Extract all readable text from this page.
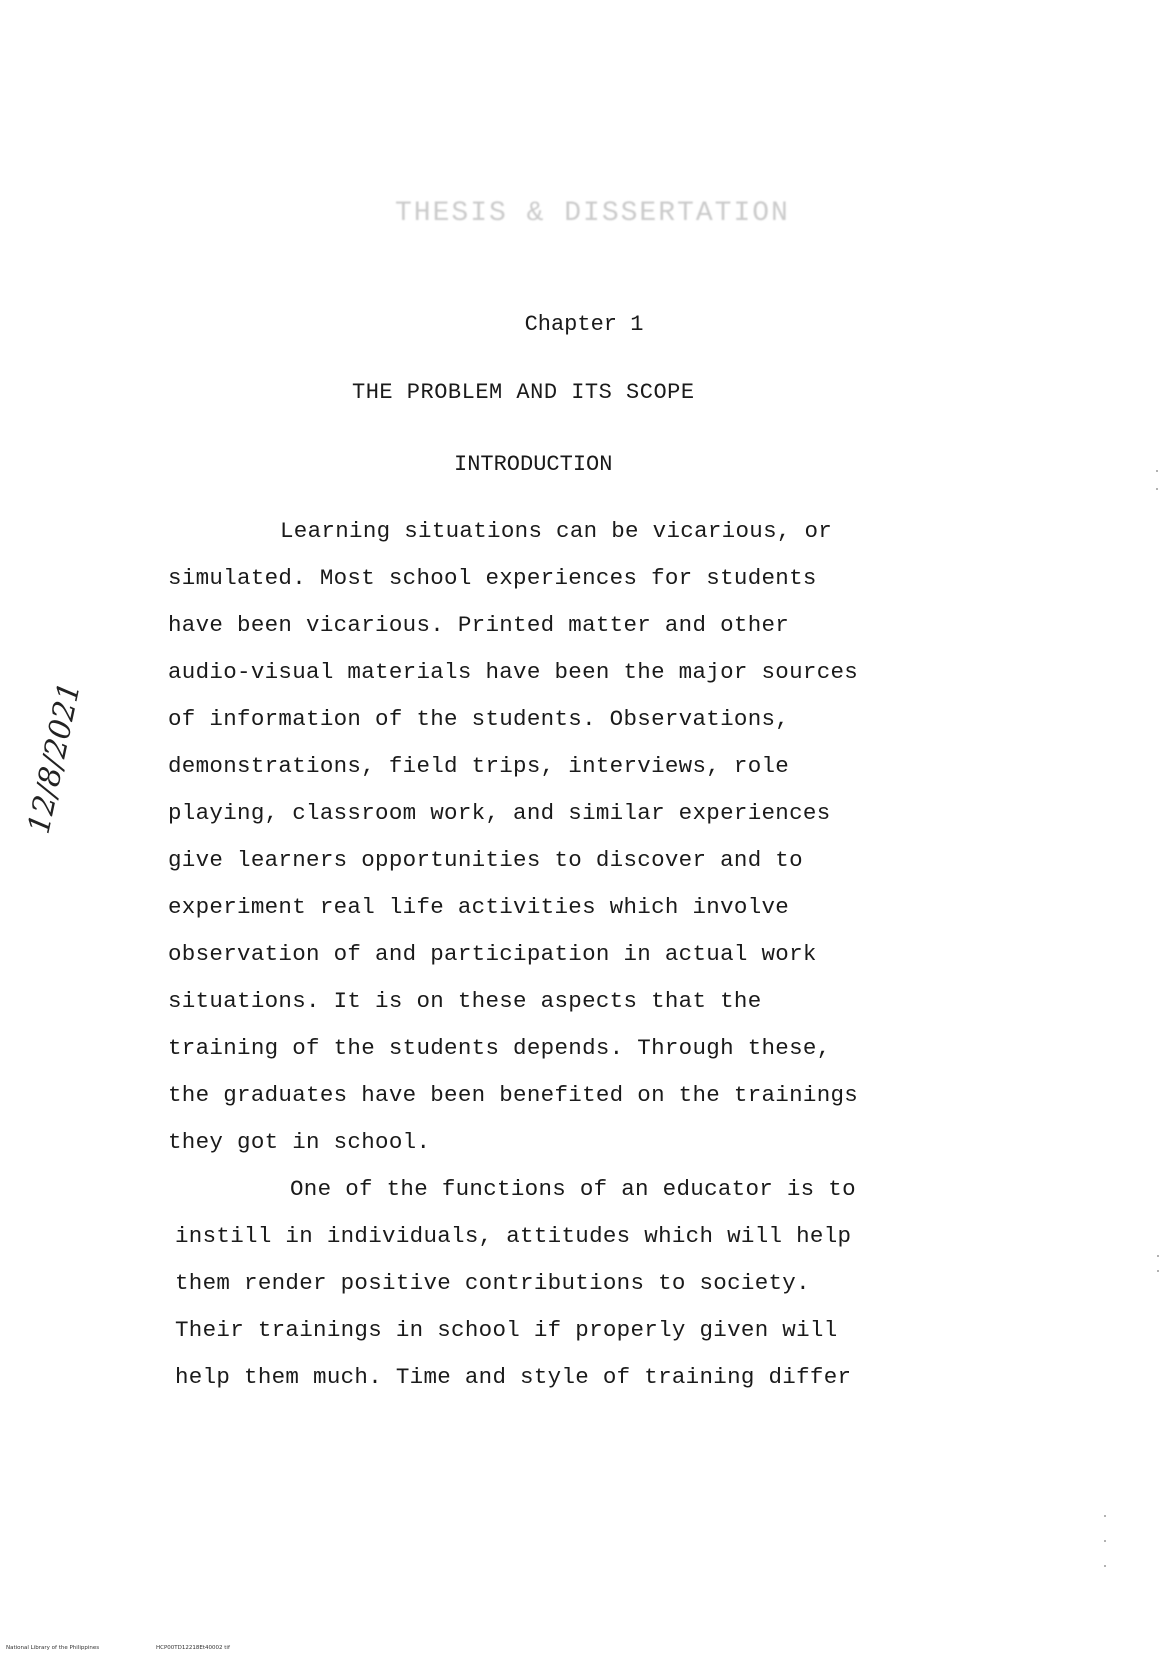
THESIS & DISSERTATION
Chapter 1
THE PROBLEM AND ITS SCOPE
INTRODUCTION
Learning situations can be vicarious, or
simulated. Most school experiences for students
have been vicarious. Printed matter and other
audio-visual materials have been the major sources
of information of the students. Observations,
demonstrations, field trips, interviews, role
playing, classroom work, and similar experiences
give learners opportunities to discover and to
experiment real life activities which involve
observation of and participation in actual work
situations. It is on these aspects that the
training of the students depends. Through these,
the graduates have been benefited on the trainings
they got in school.
One of the functions of an educator is to
instill in individuals, attitudes which will help
them render positive contributions to society.
Their trainings in school if properly given will
help them much. Time and style of training differ
12/8/2021
National Library of the Philippines	HCP00TD12218Et40002 tif
